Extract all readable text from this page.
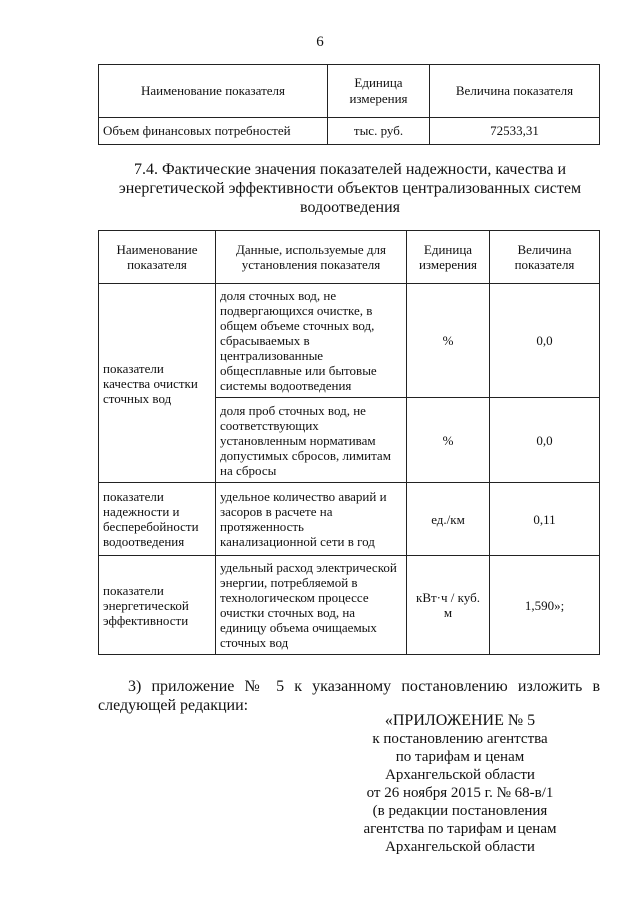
6
Наименование показателя	Единица измерения	Величина показателя
Объем финансовых потребностей	тыс. руб.	72533,31
7.4. Фактические значения показателей надежности, качества и энергетической эффективности объектов централизованных систем водоотведения
Наименование показателя	Данные, используемые для установления показателя	Единица измерения	Величина показателя
показатели качества очистки сточных вод	доля сточных вод, не подвергающихся очистке, в общем объеме сточных вод, сбрасываемых в централизованные общесплавные или бытовые системы водоотведения	%	0,0
	доля проб сточных вод, не соответствующих установленным нормативам допустимых сбросов, лимитам на сбросы	%	0,0
показатели надежности и бесперебойности водоотведения	удельное количество аварий и засоров в расчете на протяженность канализационной сети в год	ед./км	0,11
показатели энергетической эффективности	удельный расход электрической энергии, потребляемой в технологическом процессе очистки сточных вод, на единицу объема очищаемых сточных вод	кВт·ч / куб. м	1,590»;
3) приложение № 5 к указанному постановлению изложить в следующей редакции:
«ПРИЛОЖЕНИЕ № 5
к постановлению агентства
по тарифам и ценам
Архангельской области
от 26 ноября 2015 г. № 68-в/1
(в редакции постановления
агентства по тарифам и ценам
Архангельской области
